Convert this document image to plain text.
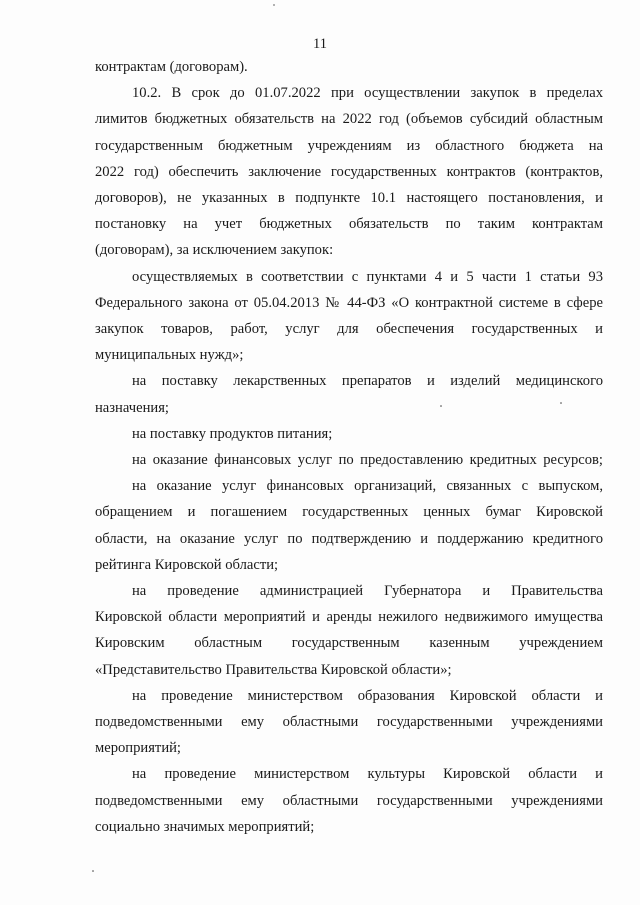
11
контрактам (договорам).
10.2. В срок до 01.07.2022 при осуществлении закупок в пределах
лимитов бюджетных обязательств на 2022 год (объемов субсидий областным
государственным бюджетным учреждениям из областного бюджета на
2022 год) обеспечить заключение государственных контрактов (контрактов,
договоров), не указанных в подпункте 10.1 настоящего постановления, и
постановку на учет бюджетных обязательств по таким контрактам
(договорам), за исключением закупок:
осуществляемых в соответствии с пунктами 4 и 5 части 1 статьи 93
Федерального закона от 05.04.2013 № 44-ФЗ «О контрактной системе в сфере
закупок товаров, работ, услуг для обеспечения государственных и
муниципальных нужд»;
на поставку лекарственных препаратов и изделий медицинского
назначения;
на поставку продуктов питания;
на оказание финансовых услуг по предоставлению кредитных ресурсов;
на оказание услуг финансовых организаций, связанных с выпуском,
обращением и погашением государственных ценных бумаг Кировской
области, на оказание услуг по подтверждению и поддержанию кредитного
рейтинга Кировской области;
на проведение администрацией Губернатора и Правительства
Кировской области мероприятий и аренды нежилого недвижимого имущества
Кировским областным государственным казенным учреждением
«Представительство Правительства Кировской области»;
на проведение министерством образования Кировской области и
подведомственными ему областными государственными учреждениями
мероприятий;
на проведение министерством культуры Кировской области и
подведомственными ему областными государственными учреждениями
социально значимых мероприятий;
